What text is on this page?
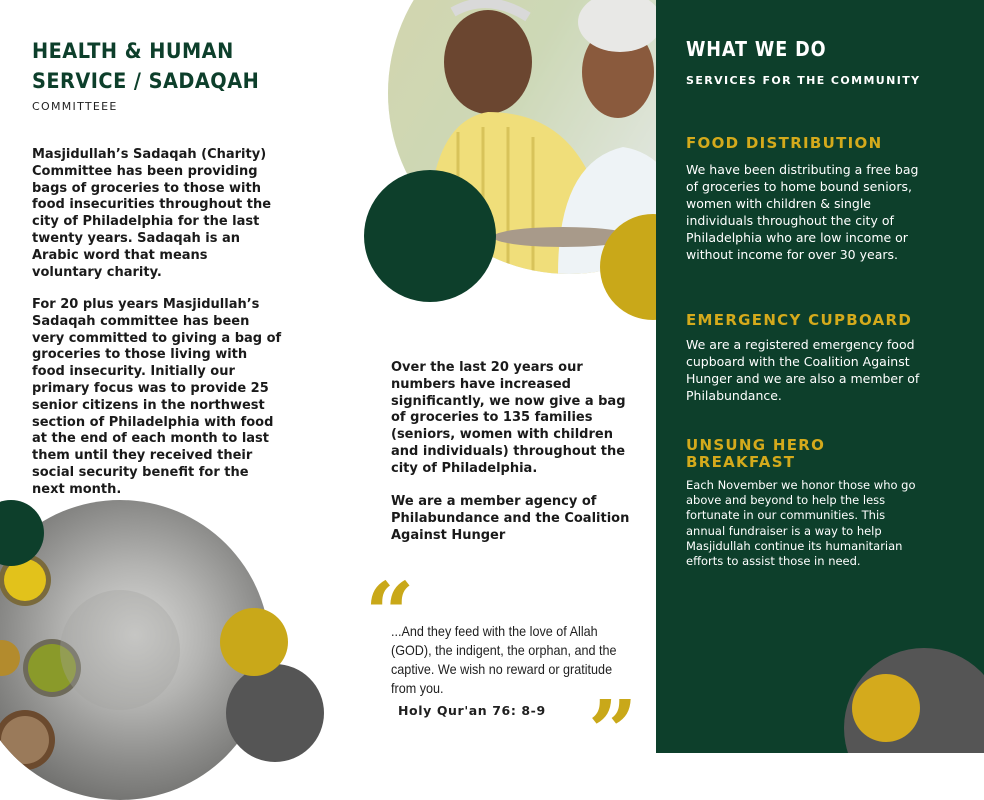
HEALTH & HUMAN SERVICE / SADAQAH
COMMITTEEE
Masjidullah’s Sadaqah (Charity) Committee has been providing bags of groceries to those with food insecurities throughout the city of Philadelphia for the last twenty years. Sadaqah is an Arabic word that means voluntary charity.
For 20 plus years Masjidullah’s Sadaqah committee has been very committed to giving a bag of groceries to those living with food insecurity. Initially our primary focus was to provide 25 senior citizens in the northwest section of Philadelphia with food at the end of each month to last them until they received their social security benefit for the next month.
Over the last 20 years our numbers have increased significantly, we now give a bag of groceries to 135 families (seniors, women with children and individuals) throughout the city of Philadelphia.
We are a member agency of Philabundance and the Coalition Against Hunger
“
...And they feed with the love of Allah (GOD), the indigent, the orphan, and the captive. We wish no reward or gratitude from you.
Holy Qur'an 76: 8-9 ”
WHAT WE DO
SERVICES FOR THE COMMUNITY
FOOD DISTRIBUTION
We have been distributing a free bag of groceries to home bound seniors, women with children & single individuals throughout the city of Philadelphia who are low income or without income for over 30 years.
EMERGENCY CUPBOARD
We are a registered emergency food cupboard with the Coalition Against Hunger and we are also a member of Philabundance.
UNSUNG HERO BREAKFAST
Each November we honor those who go above and beyond to help the less fortunate in our communities. This annual fundraiser is a way to help Masjidullah continue its humanitarian efforts to assist those in need.
